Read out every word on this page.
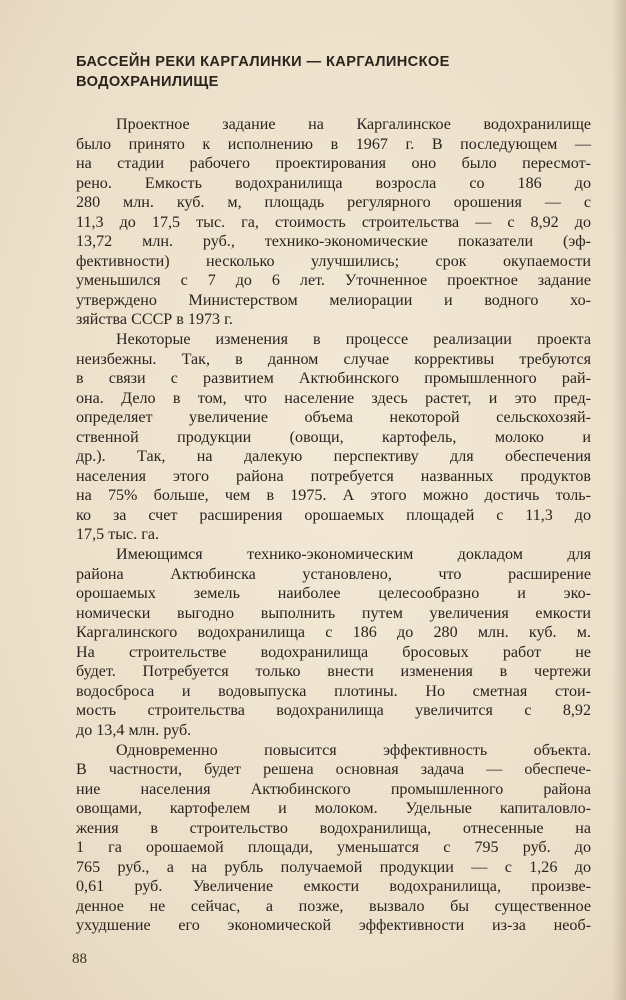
БАССЕЙН РЕКИ КАРГАЛИНКИ — КАРГАЛИНСКОЕ
ВОДОХРАНИЛИЩЕ
Проектное задание на Каргалинское водохранилище
было принято к исполнению в 1967 г. В последующем —
на стадии рабочего проектирования оно было пересмот-
рено. Емкость водохранилища возросла со 186 до
280 млн. куб. м, площадь регулярного орошения — с
11,3 до 17,5 тыс. га, стоимость строительства — с 8,92 до
13,72 млн. руб., технико-экономические показатели (эф-
фективности) несколько улучшились; срок окупаемости
уменьшился с 7 до 6 лет. Уточненное проектное задание
утверждено Министерством мелиорации и водного хо-
зяйства СССР в 1973 г.
Некоторые изменения в процессе реализации проекта
неизбежны. Так, в данном случае коррективы требуются
в связи с развитием Актюбинского промышленного рай-
она. Дело в том, что население здесь растет, и это пред-
определяет увеличение объема некоторой сельскохозяй-
ственной продукции (овощи, картофель, молоко и
др.). Так, на далекую перспективу для обеспечения
населения этого района потребуется названных продуктов
на 75% больше, чем в 1975. А этого можно достичь толь-
ко за счет расширения орошаемых площадей с 11,3 до
17,5 тыс. га.
Имеющимся технико-экономическим докладом для
района Актюбинска установлено, что расширение
орошаемых земель наиболее целесообразно и эко-
номически выгодно выполнить путем увеличения емкости
Каргалинского водохранилища с 186 до 280 млн. куб. м.
На строительстве водохранилища бросовых работ не
будет. Потребуется только внести изменения в чертежи
водосброса и водовыпуска плотины. Но сметная стои-
мость строительства водохранилища увеличится с 8,92
до 13,4 млн. руб.
Одновременно повысится эффективность объекта.
В частности, будет решена основная задача — обеспече-
ние населения Актюбинского промышленного района
овощами, картофелем и молоком. Удельные капиталовло-
жения в строительство водохранилища, отнесенные на
1 га орошаемой площади, уменьшатся с 795 руб. до
765 руб., а на рубль получаемой продукции — с 1,26 до
0,61 руб. Увеличение емкости водохранилища, произве-
денное не сейчас, а позже, вызвало бы существенное
ухудшение его экономической эффективности из-за необ-
88
